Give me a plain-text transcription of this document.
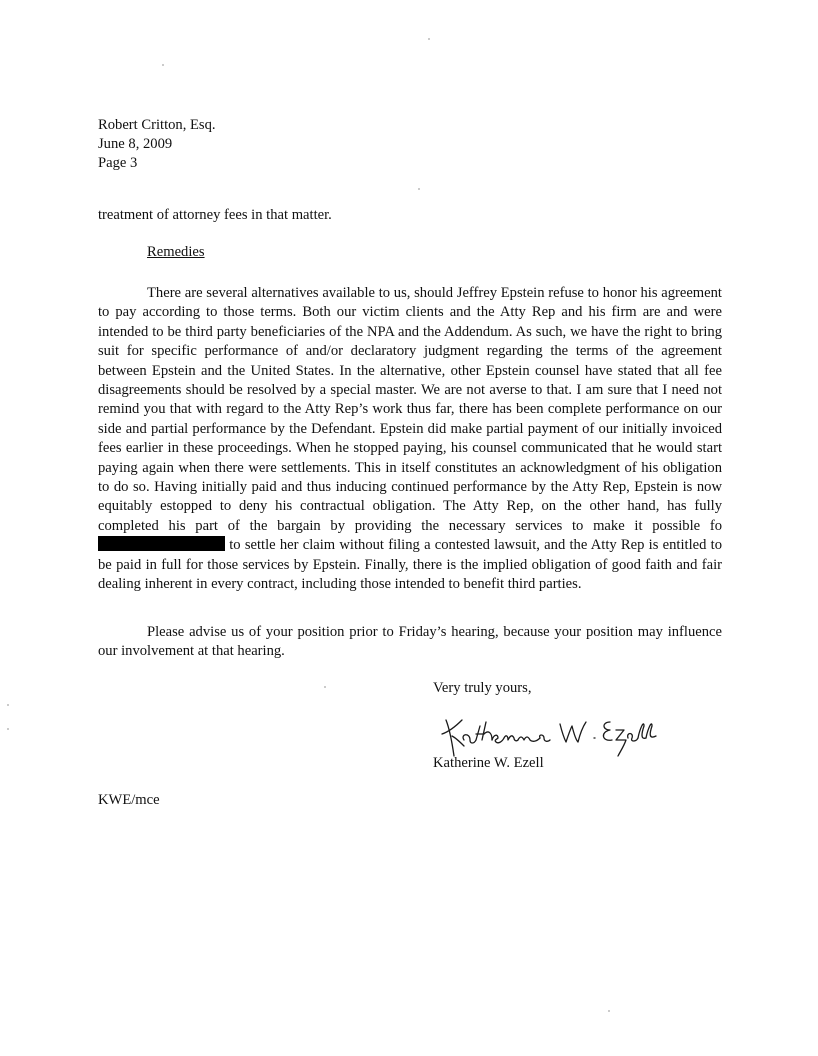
Robert Critton, Esq.
June 8, 2009
Page 3
treatment of attorney fees in that matter.
Remedies

There are several alternatives available to us, should Jeffrey Epstein refuse to honor his agreement to pay according to those terms. Both our victim clients and the Atty Rep and his firm are and were intended to be third party beneficiaries of the NPA and the Addendum. As such, we have the right to bring suit for specific performance of and/or declaratory judgment regarding the terms of the agreement between Epstein and the United States. In the alternative, other Epstein counsel have stated that all fee disagreements should be resolved by a special master. We are not averse to that. I am sure that I need not remind you that with regard to the Atty Rep’s work thus far, there has been complete performance on our side and partial performance by the Defendant. Epstein did make partial payment of our initially invoiced fees earlier in these proceedings. When he stopped paying, his counsel communicated that he would start paying again when there were settlements. This in itself constitutes an acknowledgment of his obligation to do so. Having initially paid and thus inducing continued performance by the Atty Rep, Epstein is now equitably estopped to deny his contractual obligation. The Atty Rep, on the other hand, has fully completed his part of the bargain by providing the necessary services to make it possible fo to settle her claim without filing a contested lawsuit, and the Atty Rep is entitled to be paid in full for those services by Epstein. Finally, there is the implied obligation of good faith and fair dealing inherent in every contract, including those intended to benefit third parties.

Please advise us of your position prior to Friday’s hearing, because your position may influence our involvement at that hearing.

Very truly yours,
Katherine W. Ezell
KWE/mce
